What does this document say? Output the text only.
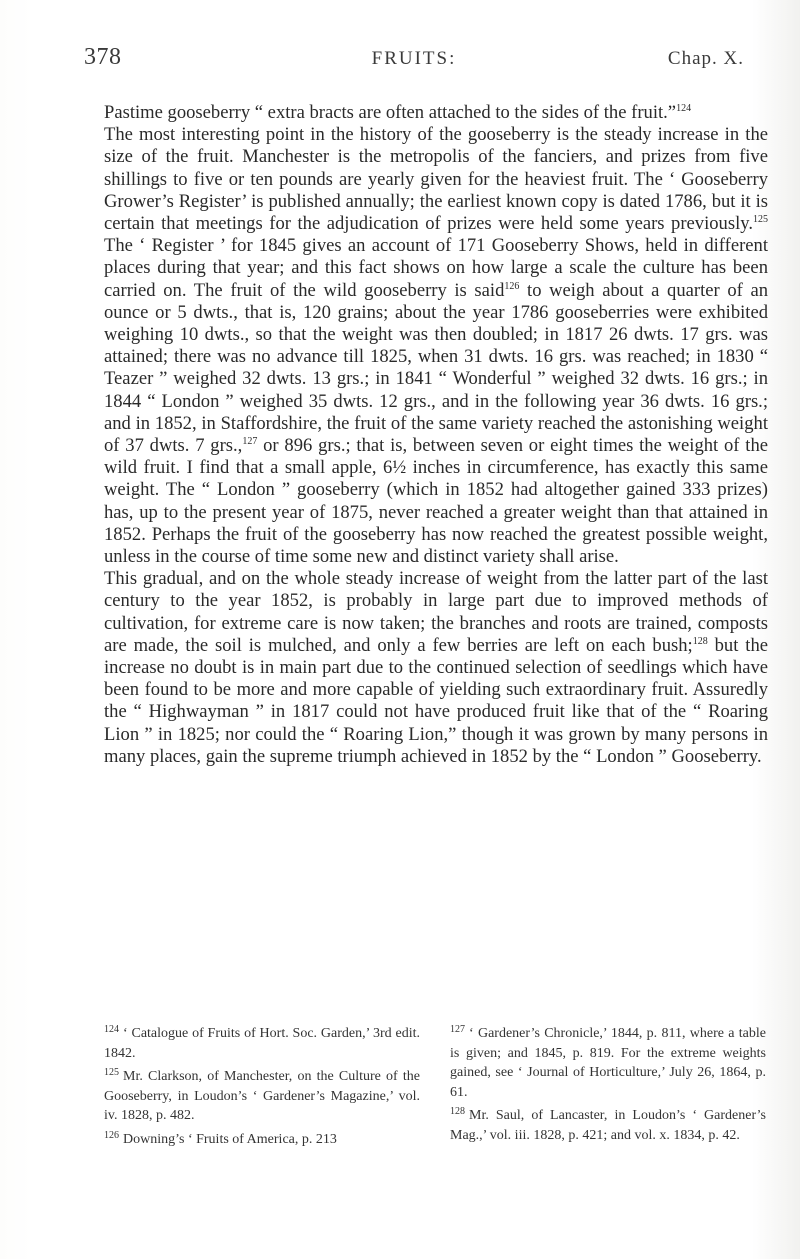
378	FRUITS:	Chap. X.

Pastime gooseberry “ extra bracts are often attached to the sides of the fruit.”$^{124}$

The most interesting point in the history of the gooseberry is the steady increase in the size of the fruit. Manchester is the metropolis of the fanciers, and prizes from five shillings to five or ten pounds are yearly given for the heaviest fruit. The ‘ Gooseberry Grower’s Register’ is published annually; the earliest known copy is dated 1786, but it is certain that meetings for the adjudication of prizes were held some years previously.$^{125}$ The ‘ Register ’ for 1845 gives an account of 171 Gooseberry Shows, held in different places during that year; and this fact shows on how large a scale the culture has been carried on. The fruit of the wild gooseberry is said$^{126}$ to weigh about a quarter of an ounce or 5 dwts., that is, 120 grains; about the year 1786 gooseberries were exhibited weighing 10 dwts., so that the weight was then doubled; in 1817 26 dwts. 17 grs. was attained; there was no advance till 1825, when 31 dwts. 16 grs. was reached; in 1830 “ Teazer ” weighed 32 dwts. 13 grs.; in 1841 “ Wonderful ” weighed 32 dwts. 16 grs.; in 1844 “ London ” weighed 35 dwts. 12 grs., and in the following year 36 dwts. 16 grs.; and in 1852, in Staffordshire, the fruit of the same variety reached the astonishing weight of 37 dwts. 7 grs.,$^{127}$ or 896 grs.; that is, between seven or eight times the weight of the wild fruit. I find that a small apple, 6½ inches in circumference, has exactly this same weight. The “ London ” gooseberry (which in 1852 had altogether gained 333 prizes) has, up to the present year of 1875, never reached a greater weight than that attained in 1852. Perhaps the fruit of the gooseberry has now reached the greatest possible weight, unless in the course of time some new and distinct variety shall arise.

This gradual, and on the whole steady increase of weight from the latter part of the last century to the year 1852, is probably in large part due to improved methods of cultivation, for extreme care is now taken; the branches and roots are trained, composts are made, the soil is mulched, and only a few berries are left on each bush;$^{128}$ but the increase no doubt is in main part due to the continued selection of seedlings which have been found to be more and more capable of yielding such extraordinary fruit. Assuredly the “ Highwayman ” in 1817 could not have produced fruit like that of the “ Roaring Lion ” in 1825; nor could the “ Roaring Lion,” though it was grown by many persons in many places, gain the supreme triumph achieved in 1852 by the “ London ” Gooseberry.

$^{124}$ ‘ Catalogue of Fruits of Hort. Soc. Garden,’ 3rd edit. 1842.

$^{125}$ Mr. Clarkson, of Manchester, on the Culture of the Gooseberry, in Loudon’s ‘ Gardener’s Magazine,’ vol. iv. 1828, p. 482.

$^{126}$ Downing’s ‘ Fruits of America, p. 213

$^{127}$ ‘ Gardener’s Chronicle,’ 1844, p. 811, where a table is given; and 1845, p. 819. For the extreme weights gained, see ‘ Journal of Horticulture,’ July 26, 1864, p. 61.

$^{128}$ Mr. Saul, of Lancaster, in Loudon’s ‘ Gardener’s Mag.,’ vol. iii. 1828, p. 421; and vol. x. 1834, p. 42.
